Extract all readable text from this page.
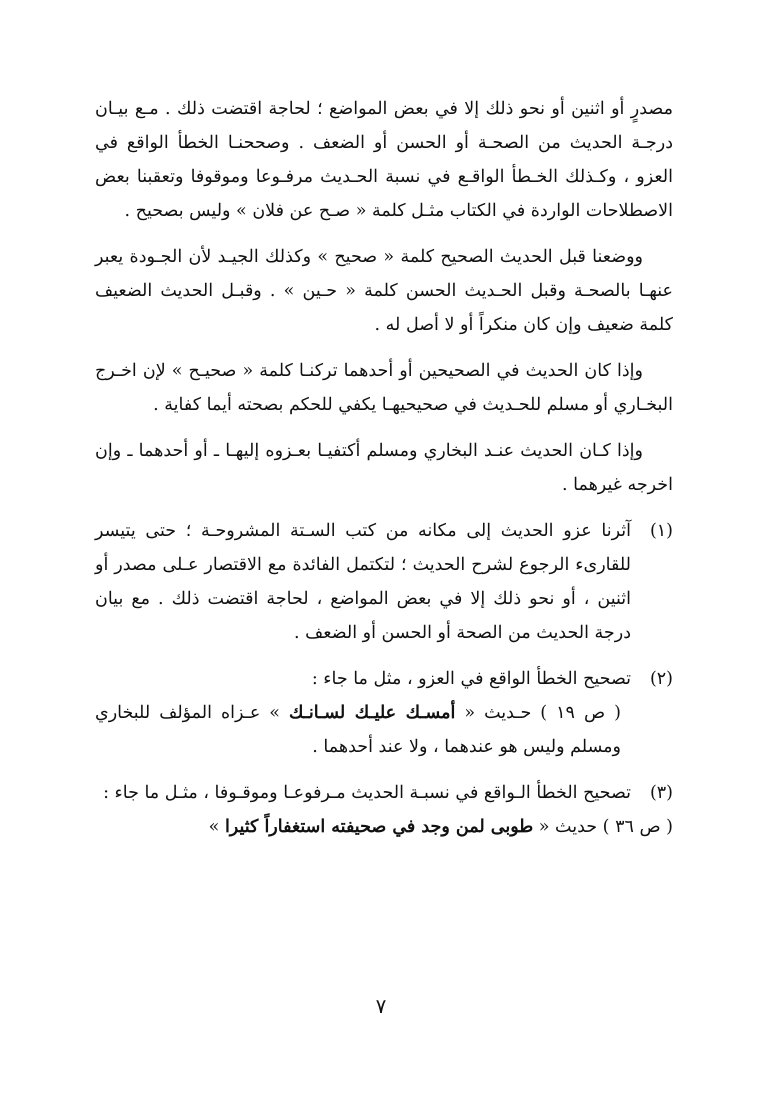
مصدرٍ أو اثنين أو نحو ذلك إلا في بعض المواضع ؛ لحاجة اقتضت ذلك . مـع بيـان درجـة الحديث من الصحـة أو الحسن أو الضعف . وصححنـا الخطأ الواقع في العزو ، وكـذلك الخـطأ الواقـع في نسبة الحـديث مرفـوعا وموقوفا وتعقبنا بعض الاصطلاحات الواردة في الكتاب مثـل كلمة « صـح عن فلان » وليس بصحيح .

ووضعنا قبل الحديث الصحيح كلمة « صحيح » وكذلك الجيـد لأن الجـودة يعبر عنهـا بالصحـة وقبل الحـديث الحسن كلمة « حـين » . وقبـل الحديث الضعيف كلمة ضعيف وإن كان منكراً أو لا أصل له .

وإذا كان الحديث في الصحيحين أو أحدهما تركنـا كلمة « صحيـح » لإن اخـرج البخـاري أو مسلم للحـديث في صحيحيهـا يكفي للحكم بصحته أيما كفاية .

وإذا كـان الحديث عنـد البخاري ومسلم أكتفيـا بعـزوه إليهـا ـ أو أحدهما ـ وإن اخرجه غيرهما .

(١)

آثرنا عزو الحديث إلى مكانه من كتب السـتة المشروحـة ؛ حتى يتيسر للقارىء الرجوع لشرح الحديث ؛ لتكتمل الفائدة مع الاقتصار عـلى مصدر أو اثنين ، أو نحو ذلك إلا في بعض المواضع ، لحاجة اقتضت ذلك . مع بيان درجة الحديث من الصحة أو الحسن أو الضعف .

(٢)

تصحيح الخطأ الواقع في العزو ، مثل ما جاء :

( ص ١٩ ) حـديث « أمسـك عليـك لسـانـك » عـزاه المؤلف للبخاري ومسلم وليس هو عندهما ، ولا عند أحدهما .

(٣)

تصحيح الخطأ الـواقع في نسبـة الحديث مـرفوعـا وموقـوفا ، مثـل ما جاء :

( ص ٣٦ ) حديث « طوبى لمن وجد في صحيفته استغفاراً كثيرا »

٧
